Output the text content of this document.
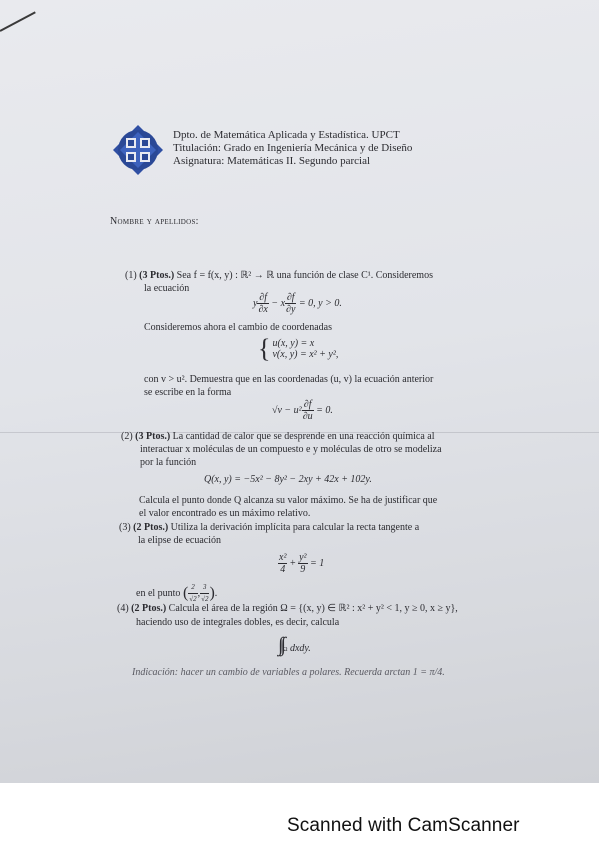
Dpto. de Matemática Aplicada y Estadística. UPCT
Titulación: Grado en Ingeniería Mecánica y de Diseño
Asignatura: Matemáticas II. Segundo parcial
Nombre y apellidos:
(1) (3 Ptos.) Sea f = f(x, y) : ℝ² → ℝ una función de clase C¹. Consideremos
la ecuación
y $\frac{\partial f}{\partial x} - x \frac{\partial f}{\partial y} = 0$, y > 0.
Consideremos ahora el cambio de coordenadas
{ u(x, y) = x
v(x, y) = x² + y²,
con v > u². Demuestra que en las coordenadas (u, v) la ecuación anterior
se escribe en la forma
$√v - u^2 \frac{\partial f}{\partial u} = 0$.
(2) (3 Ptos.) La cantidad de calor que se desprende en una reacción química al
interactuar x moléculas de un compuesto e y moléculas de otro se modeliza
por la función
Q(x, y) = −5x² − 8y² − 2xy + 42x + 102y.
Calcula el punto donde Q alcanza su valor máximo. Se ha de justificar que
el valor encontrado es un máximo relativo.
(3) (2 Ptos.) Utiliza la derivación implícita para calcular la recta tangente a
la elipse de ecuación
$\frac{\text{x²}}{4} + \frac{\text{y²}}{9} = 1$
en el punto ( $\frac{2}{√2}$ , $\frac{3}{√2}$ ).
(4) (2 Ptos.) Calcula el área de la región Ω = {(x, y) ∈ ℝ² : x² + y² < 1, y ≥ 0, x ≥ y},
haciendo uso de integrales dobles, es decir, calcula
∫∫Ω dxdy.
Indicación: hacer un cambio de variables a polares. Recuerda arctan 1 = π/4.
Scanned with CamScanner
